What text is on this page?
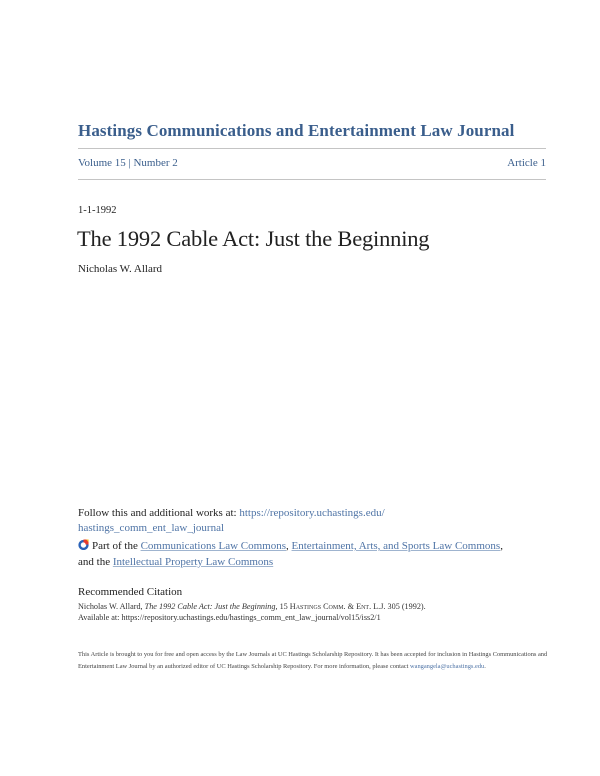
Hastings Communications and Entertainment Law Journal
Volume 15 | Number 2	Article 1
1-1-1992
The 1992 Cable Act: Just the Beginning
Nicholas W. Allard
Follow this and additional works at: https://repository.uchastings.edu/
hastings_comm_ent_law_journal
Part of the Communications Law Commons, Entertainment, Arts, and Sports Law Commons,
and the Intellectual Property Law Commons
Recommended Citation
Nicholas W. Allard, The 1992 Cable Act: Just the Beginning, 15 Hastings Comm. & Ent. L.J. 305 (1992).
Available at: https://repository.uchastings.edu/hastings_comm_ent_law_journal/vol15/iss2/1
This Article is brought to you for free and open access by the Law Journals at UC Hastings Scholarship Repository. It has been accepted for inclusion in Hastings Communications and Entertainment Law Journal by an authorized editor of UC Hastings Scholarship Repository. For more information, please contact wangangela@uchastings.edu.
